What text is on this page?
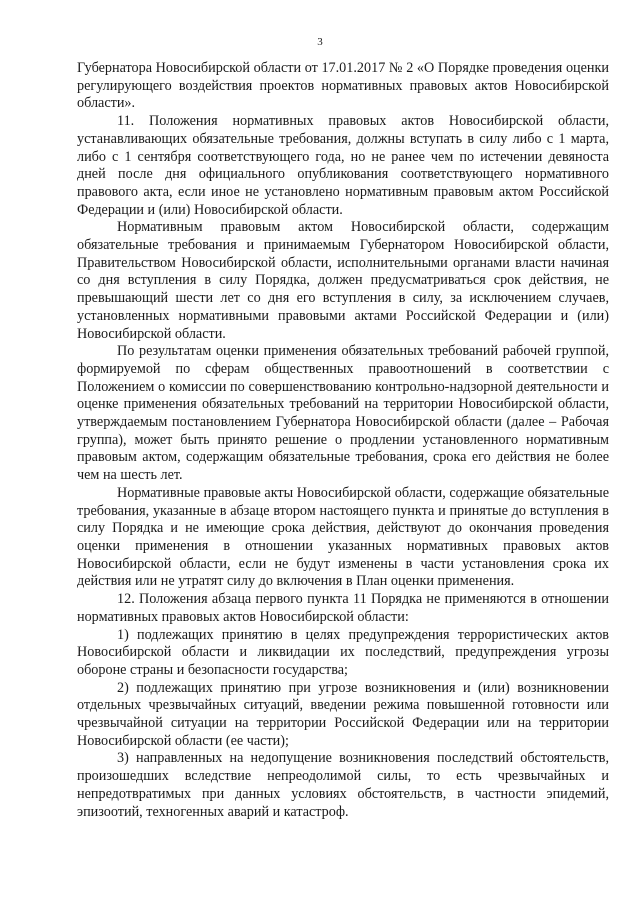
3

Губернатора Новосибирской области от 17.01.2017 № 2 «О Порядке проведения оценки регулирующего воздействия проектов нормативных правовых актов Новосибирской области».

11. Положения нормативных правовых актов Новосибирской области, устанавливающих обязательные требования, должны вступать в силу либо с 1 марта, либо с 1 сентября соответствующего года, но не ранее чем по истечении девяноста дней после дня официального опубликования соответствующего нормативного правового акта, если иное не установлено нормативным правовым актом Российской Федерации и (или) Новосибирской области.

Нормативным правовым актом Новосибирской области, содержащим обязательные требования и принимаемым Губернатором Новосибирской области, Правительством Новосибирской области, исполнительными органами власти начиная со дня вступления в силу Порядка, должен предусматриваться срок действия, не превышающий шести лет со дня его вступления в силу, за исключением случаев, установленных нормативными правовыми актами Российской Федерации и (или) Новосибирской области.

По результатам оценки применения обязательных требований рабочей группой, формируемой по сферам общественных правоотношений в соответствии с Положением о комиссии по совершенствованию контрольно-надзорной деятельности и оценке применения обязательных требований на территории Новосибирской области, утверждаемым постановлением Губернатора Новосибирской области (далее – Рабочая группа), может быть принято решение о продлении установленного нормативным правовым актом, содержащим обязательные требования, срока его действия не более чем на шесть лет.

Нормативные правовые акты Новосибирской области, содержащие обязательные требования, указанные в абзаце втором настоящего пункта и принятые до вступления в силу Порядка и не имеющие срока действия, действуют до окончания проведения оценки применения в отношении указанных нормативных правовых актов Новосибирской области, если не будут изменены в части установления срока их действия или не утратят силу до включения в План оценки применения.

12. Положения абзаца первого пункта 11 Порядка не применяются в отношении нормативных правовых актов Новосибирской области:

1) подлежащих принятию в целях предупреждения террористических актов Новосибирской области и ликвидации их последствий, предупреждения угрозы обороне страны и безопасности государства;

2) подлежащих принятию при угрозе возникновения и (или) возникновении отдельных чрезвычайных ситуаций, введении режима повышенной готовности или чрезвычайной ситуации на территории Российской Федерации или на территории Новосибирской области (ее части);

3) направленных на недопущение возникновения последствий обстоятельств, произошедших вследствие непреодолимой силы, то есть чрезвычайных и непредотвратимых при данных условиях обстоятельств, в частности эпидемий, эпизоотий, техногенных аварий и катастроф.
